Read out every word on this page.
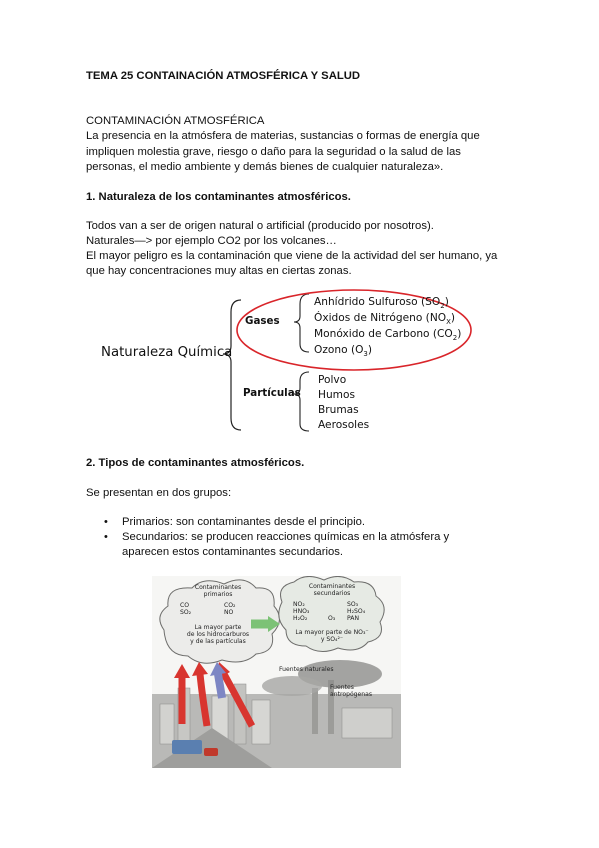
TEMA 25 CONTAINACIÓN ATMOSFÉRICA Y SALUD
CONTAMINACIÓN ATMOSFÉRICA
La presencia en la atmósfera de materias, sustancias o formas de energía que
impliquen molestia grave, riesgo o daño para la seguridad o la salud de las
personas, el medio ambiente y demás bienes de cualquier naturaleza».
1. Naturaleza de los contaminantes atmosféricos.
Todos van a ser de origen natural o artificial (producido por nosotros).
Naturales—> por ejemplo CO2 por los volcanes…
El mayor peligro es la contaminación que viene de la actividad del ser humano, ya
que hay concentraciones muy altas en ciertas zonas.
Naturaleza Química
Gases
Partículas
Anhídrido Sulfuroso $(SO_2)$
Óxidos de Nitrógeno $(NO_X)$
Monóxido de Carbono $(CO_2)$
Ozono $(O_3)$
Polvo
Humos
Brumas
Aerosoles
2. Tipos de contaminantes atmosféricos.
Se presentan en dos grupos:
• Primarios: son contaminantes desde el principio.
• Secundarios: se producen reacciones químicas en la atmósfera y
aparecen estos contaminantes secundarios.
Contaminantes
primarios
CO	CO₂
SO₂	NO
La mayor parte
de los hidrocarburos
y de las partículas
Contaminantes
secundarios
NO₂	SO₃
HNO₃	H₂SO₄
H₂O₂	O₃ PAN
La mayor parte de NO₃⁻
y SO₄²⁻
Fuentes naturales
Fuentes
antropógenas
